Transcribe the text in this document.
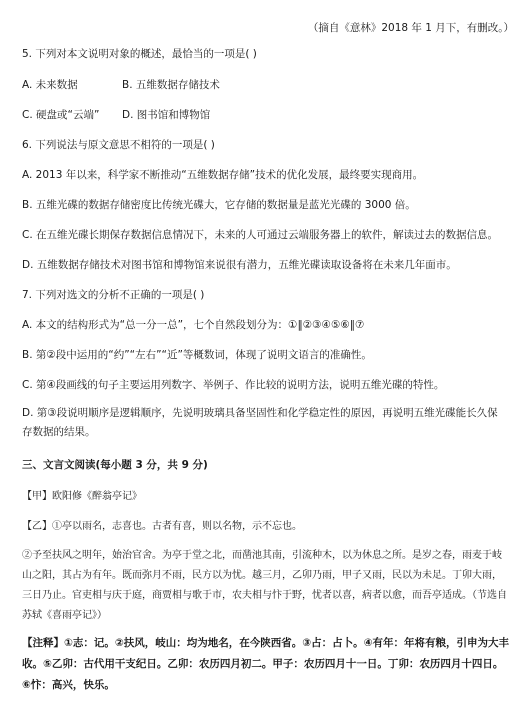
（摘自《意林》2018 年 1 月下，有删改。）
5. 下列对本文说明对象的概述，最恰当的一项是( )
A. 未来数据	B. 五维数据存储技术
C. 硬盘或“云端”	D. 图书馆和博物馆
6. 下列说法与原文意思不相符的一项是( )
A. 2013 年以来，科学家不断推动“五维数据存储”技术的优化发展，最终要实现商用。
B. 五维光碟的数据存储密度比传统光碟大，它存储的数据量是蓝光光碟的 3000 倍。
C. 在五维光碟长期保存数据信息情况下，未来的人可通过云端服务器上的软件，解读过去的数据信息。
D. 五维数据存储技术对图书馆和博物馆来说很有潜力，五维光碟读取设备将在未来几年面市。
7. 下列对选文的分析不正确的一项是( )
A. 本文的结构形式为“总一分一总”，七个自然段划分为：①‖②③④⑤⑥‖⑦
B. 第②段中运用的“约”“左右”“近”等概数词，体现了说明文语言的准确性。
C. 第④段画线的句子主要运用列数字、举例子、作比较的说明方法，说明五维光碟的特性。
D. 第③段说明顺序是逻辑顺序，先说明玻璃具备坚固性和化学稳定性的原因，再说明五维光碟能长久保存数据的结果。
三、文言文阅读(每小题 3 分，共 9 分)
【甲】欧阳修《醉翁亭记》
【乙】①亭以雨名，志喜也。古者有喜，则以名物，示不忘也。
②予至扶风之明年，始治官舍。为亭于堂之北，而凿池其南，引流种木，以为休息之所。是岁之春，雨麦于岐山之阳，其占为有年。既而弥月不雨，民方以为忧。越三月，乙卯乃雨，甲子又雨，民以为未足。丁卯大雨，三日乃止。官吏相与庆于庭，商贾相与歌于市，农夫相与忭于野，忧者以喜，病者以愈，而吾亭适成。（节选自苏轼《喜雨亭记》）
【注释】①志：记。②扶风，岐山：均为地名，在今陕西省。③占：占卜。④有年：年将有粮，引申为大丰收。⑤乙卯：古代用干支纪日。乙卯：农历四月初二。甲子：农历四月十一日。丁卯：农历四月十四日。⑥忭：高兴，快乐。
